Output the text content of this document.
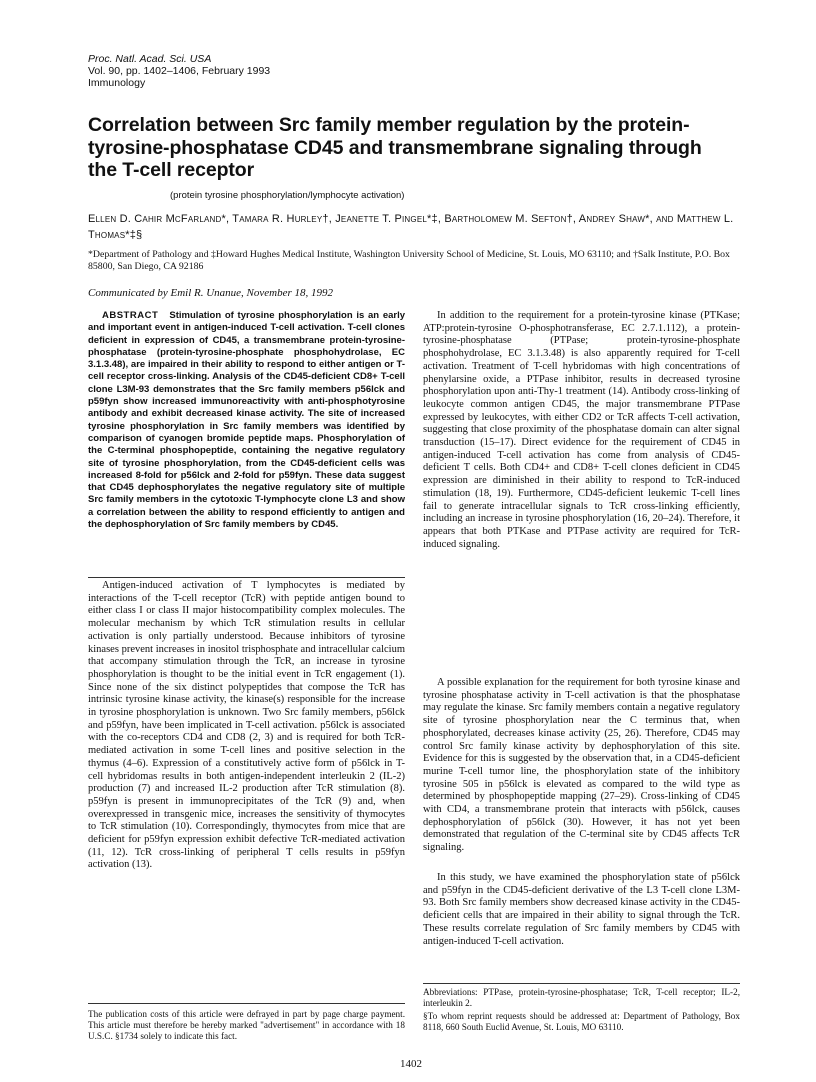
Proc. Natl. Acad. Sci. USA
Vol. 90, pp. 1402–1406, February 1993
Immunology
Correlation between Src family member regulation by the protein-tyrosine-phosphatase CD45 and transmembrane signaling through the T-cell receptor
(protein tyrosine phosphorylation/lymphocyte activation)
Ellen D. Cahir McFarland*, Tamara R. Hurley†, Jeanette T. Pingel*‡, Bartholomew M. Sefton†, Andrey Shaw*, and Matthew L. Thomas*‡§
*Department of Pathology and ‡Howard Hughes Medical Institute, Washington University School of Medicine, St. Louis, MO 63110; and †Salk Institute, P.O. Box 85800, San Diego, CA 92186
Communicated by Emil R. Unanue, November 18, 1992
ABSTRACT Stimulation of tyrosine phosphorylation is an early and important event in antigen-induced T-cell activation. T-cell clones deficient in expression of CD45, a transmembrane protein-tyrosine-phosphatase (protein-tyrosine-phosphate phosphohydrolase, EC 3.1.3.48), are impaired in their ability to respond to either antigen or T-cell receptor cross-linking. Analysis of the CD45-deficient CD8+ T-cell clone L3M-93 demonstrates that the Src family members p56lck and p59fyn show increased immunoreactivity with anti-phosphotyrosine antibody and exhibit decreased kinase activity. The site of increased tyrosine phosphorylation in Src family members was identified by comparison of cyanogen bromide peptide maps. Phosphorylation of the C-terminal phosphopeptide, containing the negative regulatory site of tyrosine phosphorylation, from the CD45-deficient cells was increased 8-fold for p56lck and 2-fold for p59fyn. These data suggest that CD45 dephosphorylates the negative regulatory site of multiple Src family members in the cytotoxic T-lymphocyte clone L3 and show a correlation between the ability to respond efficiently to antigen and the dephosphorylation of Src family members by CD45.
Antigen-induced activation of T lymphocytes is mediated by interactions of the T-cell receptor (TcR) with peptide antigen bound to either class I or class II major histocompatibility complex molecules. The molecular mechanism by which TcR stimulation results in cellular activation is only partially understood. Because inhibitors of tyrosine kinases prevent increases in inositol trisphosphate and intracellular calcium that accompany stimulation through the TcR, an increase in tyrosine phosphorylation is thought to be the initial event in TcR engagement (1). Since none of the six distinct polypeptides that compose the TcR has intrinsic tyrosine kinase activity, the kinase(s) responsible for the increase in tyrosine phosphorylation is unknown. Two Src family members, p56lck and p59fyn, have been implicated in T-cell activation. p56lck is associated with the co-receptors CD4 and CD8 (2, 3) and is required for both TcR-mediated activation in some T-cell lines and positive selection in the thymus (4–6). Expression of a constitutively active form of p56lck in T-cell hybridomas results in both antigen-independent interleukin 2 (IL-2) production (7) and increased IL-2 production after TcR stimulation (8). p59fyn is present in immunoprecipitates of the TcR (9) and, when overexpressed in transgenic mice, increases the sensitivity of thymocytes to TcR stimulation (10). Correspondingly, thymocytes from mice that are deficient for p59fyn expression exhibit defective TcR-mediated activation (11, 12). TcR cross-linking of peripheral T cells results in p59fyn activation (13).
The publication costs of this article were defrayed in part by page charge payment. This article must therefore be hereby marked "advertisement" in accordance with 18 U.S.C. §1734 solely to indicate this fact.
In addition to the requirement for a protein-tyrosine kinase (PTKase; ATP:protein-tyrosine O-phosphotransferase, EC 2.7.1.112), a protein-tyrosine-phosphatase (PTPase; protein-tyrosine-phosphate phosphohydrolase, EC 3.1.3.48) is also apparently required for T-cell activation. Treatment of T-cell hybridomas with high concentrations of phenylarsine oxide, a PTPase inhibitor, results in decreased tyrosine phosphorylation upon anti-Thy-1 treatment (14). Antibody cross-linking of leukocyte common antigen CD45, the major transmembrane PTPase expressed by leukocytes, with either CD2 or TcR affects T-cell activation, suggesting that close proximity of the phosphatase domain can alter signal transduction (15–17). Direct evidence for the requirement of CD45 in antigen-induced T-cell activation has come from analysis of CD45-deficient T cells. Both CD4+ and CD8+ T-cell clones deficient in CD45 expression are diminished in their ability to respond to TcR-induced stimulation (18, 19). Furthermore, CD45-deficient leukemic T-cell lines fail to generate intracellular signals to TcR cross-linking efficiently, including an increase in tyrosine phosphorylation (16, 20–24). Therefore, it appears that both PTKase and PTPase activity are required for TcR-induced signaling.
A possible explanation for the requirement for both tyrosine kinase and tyrosine phosphatase activity in T-cell activation is that the phosphatase may regulate the kinase. Src family members contain a negative regulatory site of tyrosine phosphorylation near the C terminus that, when phosphorylated, decreases kinase activity (25, 26). Therefore, CD45 may control Src family kinase activity by dephosphorylation of this site. Evidence for this is suggested by the observation that, in a CD45-deficient murine T-cell tumor line, the phosphorylation state of the inhibitory tyrosine 505 in p56lck is elevated as compared to the wild type as determined by phosphopeptide mapping (27–29). Cross-linking of CD45 with CD4, a transmembrane protein that interacts with p56lck, causes dephosphorylation of p56lck (30). However, it has not yet been demonstrated that regulation of the C-terminal site by CD45 affects TcR signaling.
In this study, we have examined the phosphorylation state of p56lck and p59fyn in the CD45-deficient derivative of the L3 T-cell clone L3M-93. Both Src family members show decreased kinase activity in the CD45-deficient cells that are impaired in their ability to signal through the TcR. These results correlate regulation of Src family members by CD45 with antigen-induced T-cell activation.
Abbreviations: PTPase, protein-tyrosine-phosphatase; TcR, T-cell receptor; IL-2, interleukin 2.
§To whom reprint requests should be addressed at: Department of Pathology, Box 8118, 660 South Euclid Avenue, St. Louis, MO 63110.
1402
